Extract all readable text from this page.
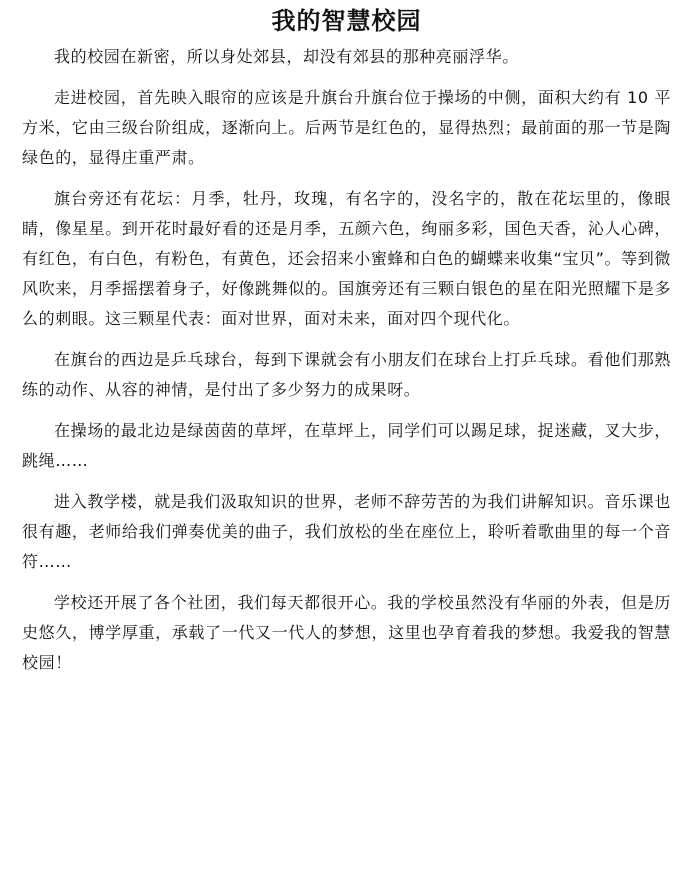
我的智慧校园

我的校园在新密，所以身处郊县，却没有郊县的那种亮丽浮华。

走进校园，首先映入眼帘的应该是升旗台升旗台位于操场的中侧，面积大约有 10 平方米，它由三级台阶组成，逐渐向上。后两节是红色的，显得热烈；最前面的那一节是陶绿色的，显得庄重严肃。

旗台旁还有花坛：月季，牡丹，玫瑰，有名字的，没名字的，散在花坛里的，像眼睛，像星星。到开花时最好看的还是月季，五颜六色，绚丽多彩，国色天香，沁人心碑，有红色，有白色，有粉色，有黄色，还会招来小蜜蜂和白色的蝴蝶来收集“宝贝”。等到微风吹来，月季摇摆着身子，好像跳舞似的。国旗旁还有三颗白银色的星在阳光照耀下是多么的刺眼。这三颗星代表：面对世界，面对未来，面对四个现代化。

在旗台的西边是乒乓球台，每到下课就会有小朋友们在球台上打乒乓球。看他们那熟练的动作、从容的神情，是付出了多少努力的成果呀。

在操场的最北边是绿茵茵的草坪，在草坪上，同学们可以踢足球，捉迷藏，叉大步，跳绳……

进入教学楼，就是我们汲取知识的世界，老师不辞劳苦的为我们讲解知识。音乐课也很有趣，老师给我们弹奏优美的曲子，我们放松的坐在座位上，聆听着歌曲里的每一个音符……

学校还开展了各个社团，我们每天都很开心。我的学校虽然没有华丽的外表，但是历史悠久，博学厚重，承载了一代又一代人的梦想，这里也孕育着我的梦想。我爱我的智慧校园！
